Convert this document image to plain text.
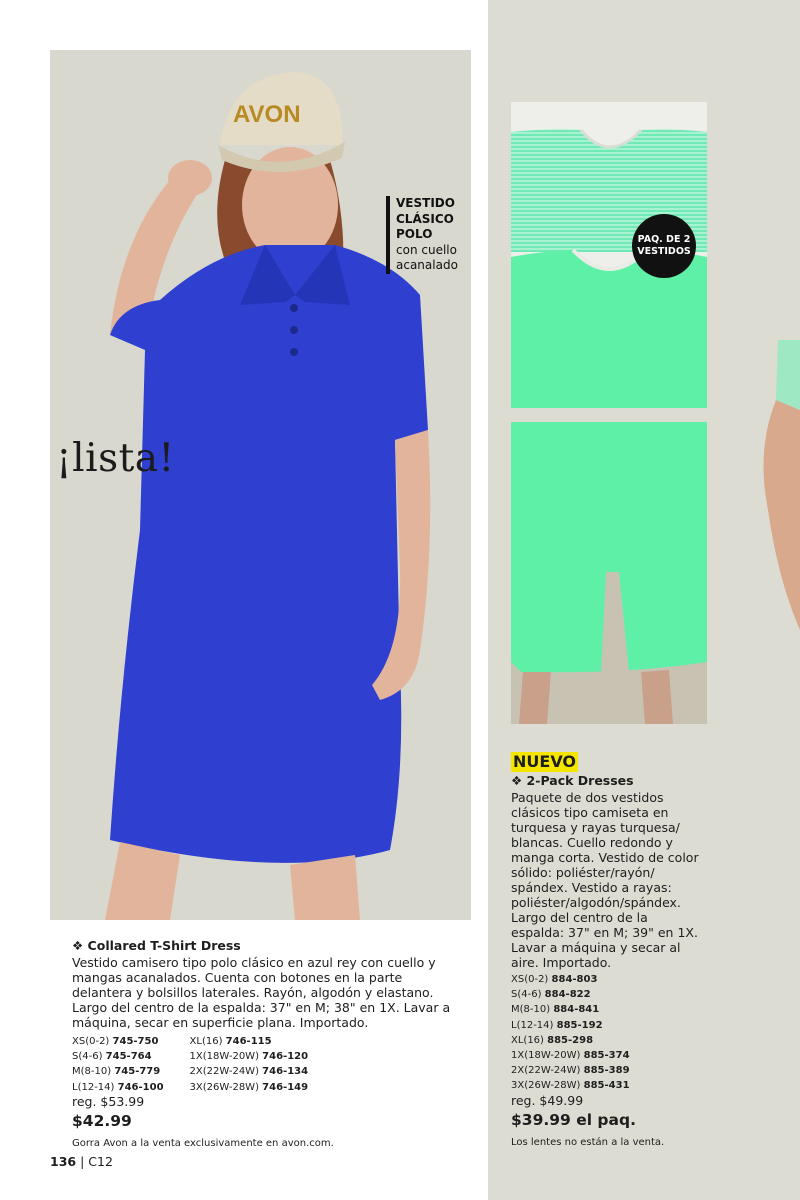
AVON
VESTIDO
CLÁSICO
POLO
con cuello
acanalado
¡lista!
PAQ. DE 2
VESTIDOS
❖ Collared T-Shirt Dress
Vestido camisero tipo polo clásico en azul rey con cuello y mangas acanalados. Cuenta con botones en la parte delantera y bolsillos laterales. Rayón, algodón y elastano. Largo del centro de la espalda: 37" en M; 38" en 1X. Lavar a máquina, secar en superficie plana. Importado.
XS(0-2) 745-750
S(4-6) 745-764
M(8-10) 745-779
L(12-14) 746-100
XL(16) 746-115
1X(18W-20W) 746-120
2X(22W-24W) 746-134
3X(26W-28W) 746-149
reg. $53.99
$42.99
Gorra Avon a la venta exclusivamente en avon.com.
NUEVO
❖ 2-Pack Dresses
Paquete de dos vestidos clásicos tipo camiseta en turquesa y rayas turquesa/ blancas. Cuello redondo y manga corta. Vestido de color sólido: poliéster/rayón/ spándex. Vestido a rayas: poliéster/algodón/spándex. Largo del centro de la espalda: 37" en M; 39" en 1X. Lavar a máquina y secar al aire. Importado.
XS(0-2) 884-803
S(4-6) 884-822
M(8-10) 884-841
L(12-14) 885-192
XL(16) 885-298
1X(18W-20W) 885-374
2X(22W-24W) 885-389
3X(26W-28W) 885-431
reg. $49.99
$39.99 el paq.
Los lentes no están a la venta.
136 | C12
